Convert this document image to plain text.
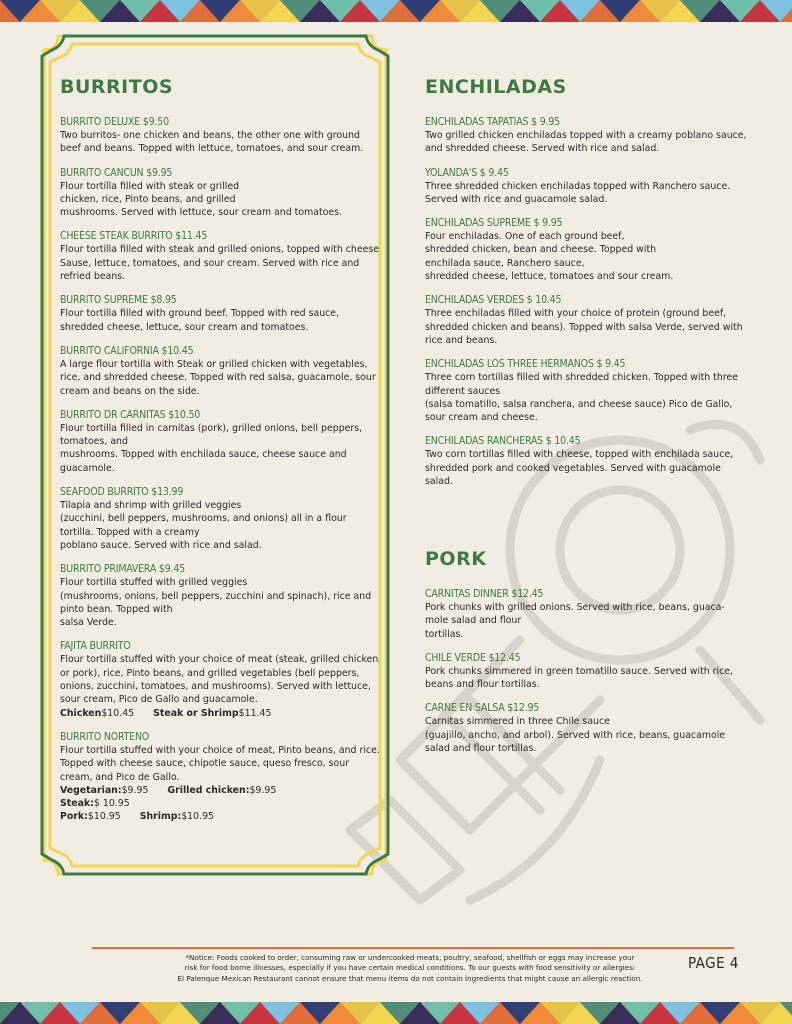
BURRITOS
BURRITO DELUXE $9.50
Two burritos- one chicken and beans, the other one with ground beef and beans. Topped with lettuce, tomatoes, and sour cream.
BURRITO CANCUN $9.95
Flour tortilla filled with steak or grilled
chicken, rice, Pinto beans, and grilled
mushrooms. Served with lettuce, sour cream and tomatoes.
CHEESE STEAK BURRITO $11.45
Flour tortilla filled with steak and grilled onions, topped with cheese Sause, lettuce, tomatoes, and sour cream. Served with rice and refried beans.
BURRITO SUPREME $8.95
Flour tortilla filled with ground beef. Topped with red sauce, shredded cheese, lettuce, sour cream and tomatoes.
BURRITO CALIFORNIA $10.45
A large flour tortilla with Steak or grilled chicken with vegetables, rice, and shredded cheese. Topped with red salsa, guacamole, sour cream and beans on the side.
BURRITO DR CARNITAS $10.50
Flour tortilla filled in carnitas (pork), grilled onions, bell peppers, tomatoes, and
mushrooms. Topped with enchilada sauce, cheese sauce and guacamole.
SEAFOOD BURRITO $13.99
Tilapia and shrimp with grilled veggies
(zucchini, bell peppers, mushrooms, and onions) all in a flour tortilla. Topped with a creamy
poblano sauce. Served with rice and salad.
BURRITO PRIMAVERA $9.45
Flour tortilla stuffed with grilled veggies
(mushrooms, onions, bell peppers, zucchini and spinach), rice and pinto bean. Topped with
salsa Verde.
FAJITA BURRITO
Flour tortilla stuffed with your choice of meat (steak, grilled chicken or pork), rice, Pinto beans, and grilled vegetables (bell peppers, onions, zucchini, tomatoes, and mushrooms). Served with lettuce, sour cream, Pico de Gallo and guacamole.
Chicken$10.45 Steak or Shrimp$11.45
BURRITO NORTENO
Flour tortilla stuffed with your choice of meat, Pinto beans, and rice. Topped with cheese sauce, chipotle sauce, queso fresco, sour cream, and Pico de Gallo.
Vegetarian:$9.95 Grilled chicken:$9.95 Steak:$ 10.95
Pork:$10.95 Shrimp:$10.95
ENCHILADAS
ENCHILADAS TAPATIAS $ 9.95
Two grilled chicken enchiladas topped with a creamy poblano sauce, and shredded cheese. Served with rice and salad.
YOLANDA'S $ 9.45
Three shredded chicken enchiladas topped with Ranchero sauce. Served with rice and guacamole salad.
ENCHILADAS SUPREME $ 9.95
Four enchiladas. One of each ground beef,
shredded chicken, bean and cheese. Topped with
enchilada sauce, Ranchero sauce,
shredded cheese, lettuce, tomatoes and sour cream.
ENCHILADAS VERDES $ 10.45
Three enchiladas filled with your choice of protein (ground beef, shredded chicken and beans). Topped with salsa Verde, served with rice and beans.
ENCHILADAS LOS THREE HERMANOS $ 9.45
Three corn tortillas filled with shredded chicken. Topped with three different sauces
(salsa tomatillo, salsa ranchera, and cheese sauce) Pico de Gallo, sour cream and cheese.
ENCHILADAS RANCHERAS $ 10.45
Two corn tortillas filled with cheese, topped with enchilada sauce, shredded pork and cooked vegetables. Served with guacamole salad.
PORK
CARNITAS DINNER $12.45
Pork chunks with grilled onions. Served with rice, beans, guaca-
mole salad and flour
tortillas.
CHILE VERDE $12.45
Pork chunks simmered in green tomatillo sauce. Served with rice, beans and flour tortillas.
CARNE EN SALSA $12.95
Carnitas simmered in three Chile sauce
(guajillo, ancho, and arbol). Served with rice, beans, guacamole salad and flour tortillas.
*Notice: Foods cooked to order, consuming raw or undercooked meats, poultry, seafood, shellfish or eggs may increase your
risk for food borne illnesses, especially if you have certain medical conditions. To our guests with food sensitivity or allergies:
El Palenque Mexican Restaurant cannot ensure that menu items do not contain ingredients that might cause an allergic reaction.
PAGE 4
